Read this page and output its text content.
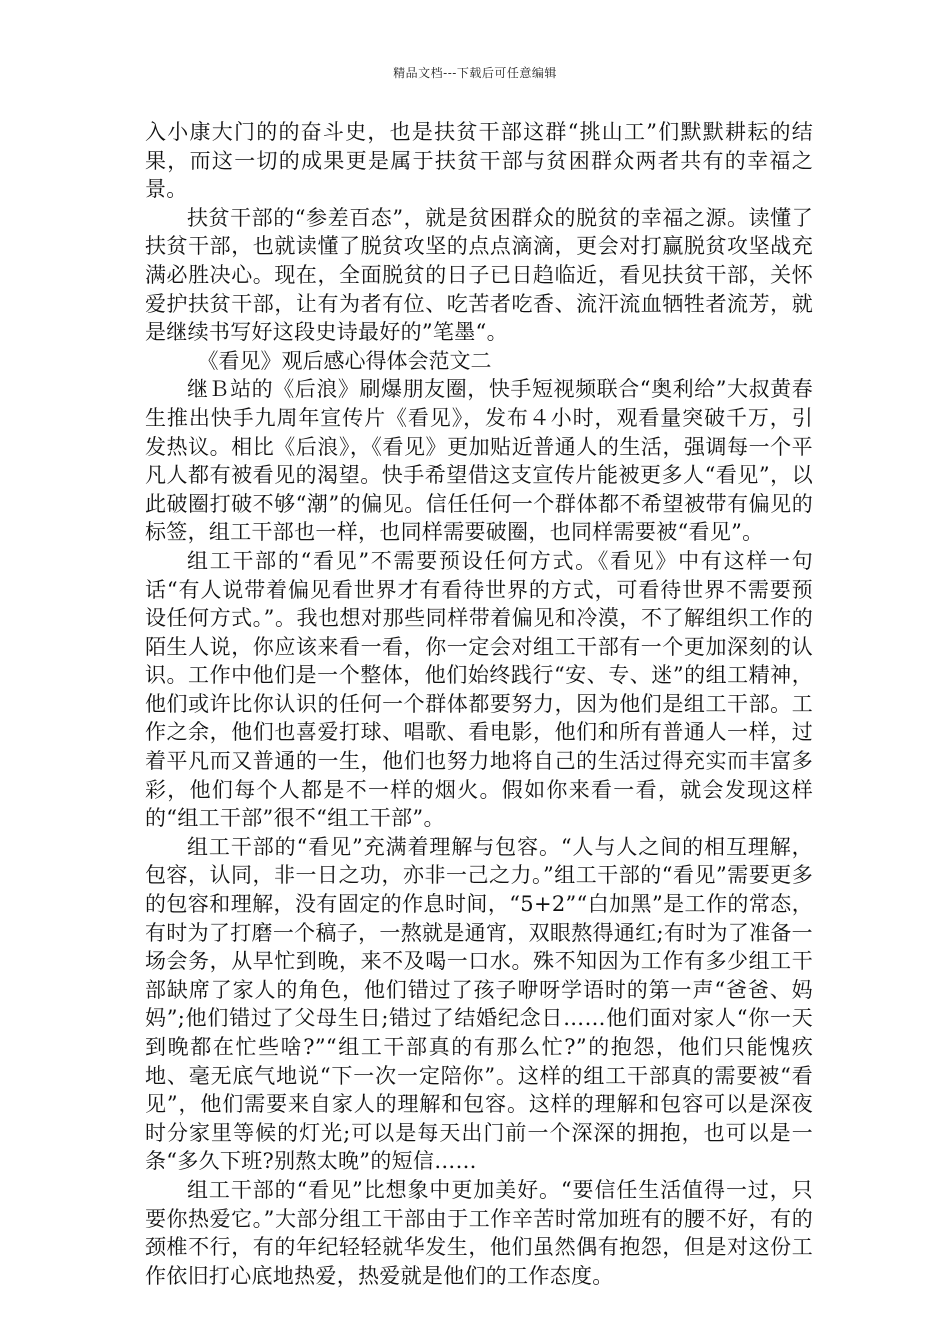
精品文档---下载后可任意编辑

入小康大门的的奋斗史，也是扶贫干部这群“挑山工”们默默耕耘的结果，而这一切的成果更是属于扶贫干部与贫困群众两者共有的幸福之景。

扶贫干部的“参差百态”，就是贫困群众的脱贫的幸福之源。读懂了扶贫干部，也就读懂了脱贫攻坚的点点滴滴，更会对打赢脱贫攻坚战充满必胜决心。现在，全面脱贫的日子已日趋临近，看见扶贫干部，关怀爱护扶贫干部，让有为者有位、吃苦者吃香、流汗流血牺牲者流芳，就是继续书写好这段史诗最好的”笔墨“。

《看见》观后感心得体会范文二

继Ｂ站的《后浪》刷爆朋友圈，快手短视频联合“奥利给”大叔黄春生推出快手九周年宣传片《看见》，发布４小时，观看量突破千万，引发热议。相比《后浪》，《看见》更加贴近普通人的生活，强调每一个平凡人都有被看见的渴望。快手希望借这支宣传片能被更多人“看见”，以此破圈打破不够“潮”的偏见。信任任何一个群体都不希望被带有偏见的标签，组工干部也一样，也同样需要破圈，也同样需要被“看见”。

组工干部的“看见”不需要预设任何方式。《看见》中有这样一句话“有人说带着偏见看世界才有看待世界的方式，可看待世界不需要预设任何方式。”。我也想对那些同样带着偏见和冷漠，不了解组织工作的陌生人说，你应该来看一看，你一定会对组工干部有一个更加深刻的认识。工作中他们是一个整体，他们始终践行“安、专、迷”的组工精神，他们或许比你认识的任何一个群体都要努力，因为他们是组工干部。工作之余，他们也喜爱打球、唱歌、看电影，他们和所有普通人一样，过着平凡而又普通的一生，他们也努力地将自己的生活过得充实而丰富多彩，他们每个人都是不一样的烟火。假如你来看一看，就会发现这样的“组工干部”很不“组工干部”。

组工干部的“看见”充满着理解与包容。“人与人之间的相互理解，包容，认同，非一日之功，亦非一己之力。”组工干部的“看见”需要更多的包容和理解，没有固定的作息时间，“5+2”“白加黑”是工作的常态，有时为了打磨一个稿子，一熬就是通宵，双眼熬得通红;有时为了准备一场会务，从早忙到晚，来不及喝一口水。殊不知因为工作有多少组工干部缺席了家人的角色，他们错过了孩子咿呀学语时的第一声“爸爸、妈妈”;他们错过了父母生日;错过了结婚纪念日……他们面对家人“你一天到晚都在忙些啥?”“组工干部真的有那么忙?”的抱怨，他们只能愧疚地、毫无底气地说“下一次一定陪你”。这样的组工干部真的需要被“看见”，他们需要来自家人的理解和包容。这样的理解和包容可以是深夜时分家里等候的灯光;可以是每天出门前一个深深的拥抱，也可以是一条“多久下班?别熬太晚”的短信……

组工干部的“看见”比想象中更加美好。“要信任生活值得一过，只要你热爱它。”大部分组工干部由于工作辛苦时常加班有的腰不好，有的颈椎不行，有的年纪轻轻就华发生，他们虽然偶有抱怨，但是对这份工作依旧打心底地热爱，热爱就是他们的工作态度。
